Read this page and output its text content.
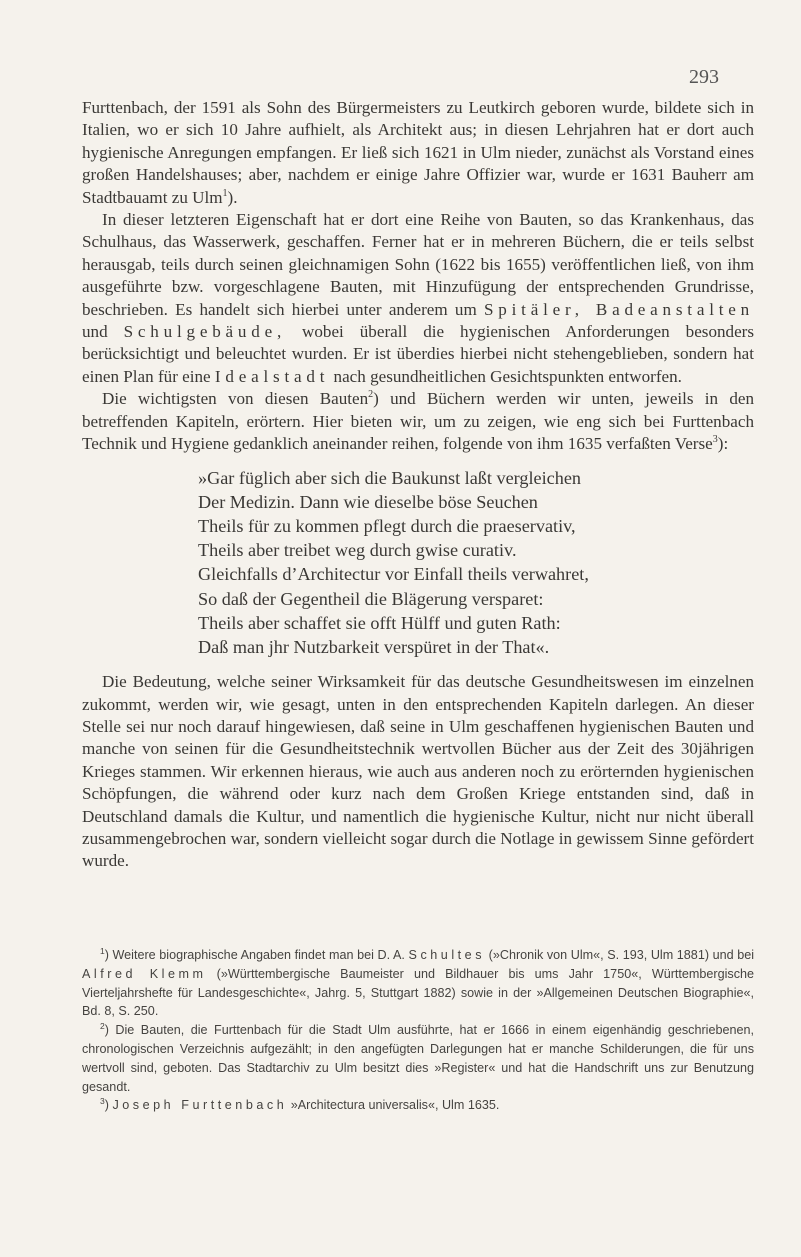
293

Furttenbach, der 1591 als Sohn des Bürgermeisters zu Leutkirch geboren wurde, bildete sich in Italien, wo er sich 10 Jahre aufhielt, als Architekt aus; in diesen Lehrjahren hat er dort auch hygienische Anregungen empfangen. Er ließ sich 1621 in Ulm nieder, zunächst als Vorstand eines großen Handelshauses; aber, nachdem er einige Jahre Offizier war, wurde er 1631 Bauherr am Stadtbauamt zu Ulm$^1$).

In dieser letzteren Eigenschaft hat er dort eine Reihe von Bauten, so das Krankenhaus, das Schulhaus, das Wasserwerk, geschaffen. Ferner hat er in mehreren Büchern, die er teils selbst herausgab, teils durch seinen gleichnamigen Sohn (1622 bis 1655) veröffentlichen ließ, von ihm ausgeführte bzw. vorgeschlagene Bauten, mit Hinzufügung der entsprechenden Grundrisse, beschrieben. Es handelt sich hierbei unter anderem um Spitäler, Badeanstalten und Schulgebäude, wobei überall die hygienischen Anforderungen besonders berücksichtigt und beleuchtet wurden. Er ist überdies hierbei nicht stehengeblieben, sondern hat einen Plan für eine Idealstadt nach gesundheitlichen Gesichtspunkten entworfen.

Die wichtigsten von diesen Bauten$^2$) und Büchern werden wir unten, jeweils in den betreffenden Kapiteln, erörtern. Hier bieten wir, um zu zeigen, wie eng sich bei Furttenbach Technik und Hygiene gedanklich aneinander reihen, folgende von ihm 1635 verfaßten Verse$^3$):

»Gar füglich aber sich die Baukunst laßt vergleichen
Der Medizin. Dann wie dieselbe böse Seuchen
Theils für zu kommen pflegt durch die praeservativ,
Theils aber treibet weg durch gwise curativ.
Gleichfalls d’Architectur vor Einfall theils verwahret,
So daß der Gegentheil die Blägerung versparet:
Theils aber schaffet sie offt Hülff und guten Rath:
Daß man jhr Nutzbarkeit verspüret in der That«.

Die Bedeutung, welche seiner Wirksamkeit für das deutsche Gesundheitswesen im einzelnen zukommt, werden wir, wie gesagt, unten in den entsprechenden Kapiteln darlegen. An dieser Stelle sei nur noch darauf hingewiesen, daß seine in Ulm geschaffenen hygienischen Bauten und manche von seinen für die Gesundheitstechnik wertvollen Bücher aus der Zeit des 30jährigen Krieges stammen. Wir erkennen hieraus, wie auch aus anderen noch zu erörternden hygienischen Schöpfungen, die während oder kurz nach dem Großen Kriege entstanden sind, daß in Deutschland damals die Kultur, und namentlich die hygienische Kultur, nicht nur nicht überall zusammengebrochen war, sondern vielleicht sogar durch die Notlage in gewissem Sinne gefördert wurde.

$^1$) Weitere biographische Angaben findet man bei D. A. Schultes (»Chronik von Ulm«, S. 193, Ulm 1881) und bei Alfred Klemm (»Württembergische Baumeister und Bildhauer bis ums Jahr 1750«, Württembergische Vierteljahrshefte für Landesgeschichte«, Jahrg. 5, Stuttgart 1882) sowie in der »Allgemeinen Deutschen Biographie«, Bd. 8, S. 250.

$^2$) Die Bauten, die Furttenbach für die Stadt Ulm ausführte, hat er 1666 in einem eigenhändig geschriebenen, chronologischen Verzeichnis aufgezählt; in den angefügten Darlegungen hat er manche Schilderungen, die für uns wertvoll sind, geboten. Das Stadtarchiv zu Ulm besitzt dies »Register« und hat die Handschrift uns zur Benutzung gesandt.

$^3$) Joseph Furttenbach »Architectura universalis«, Ulm 1635.
